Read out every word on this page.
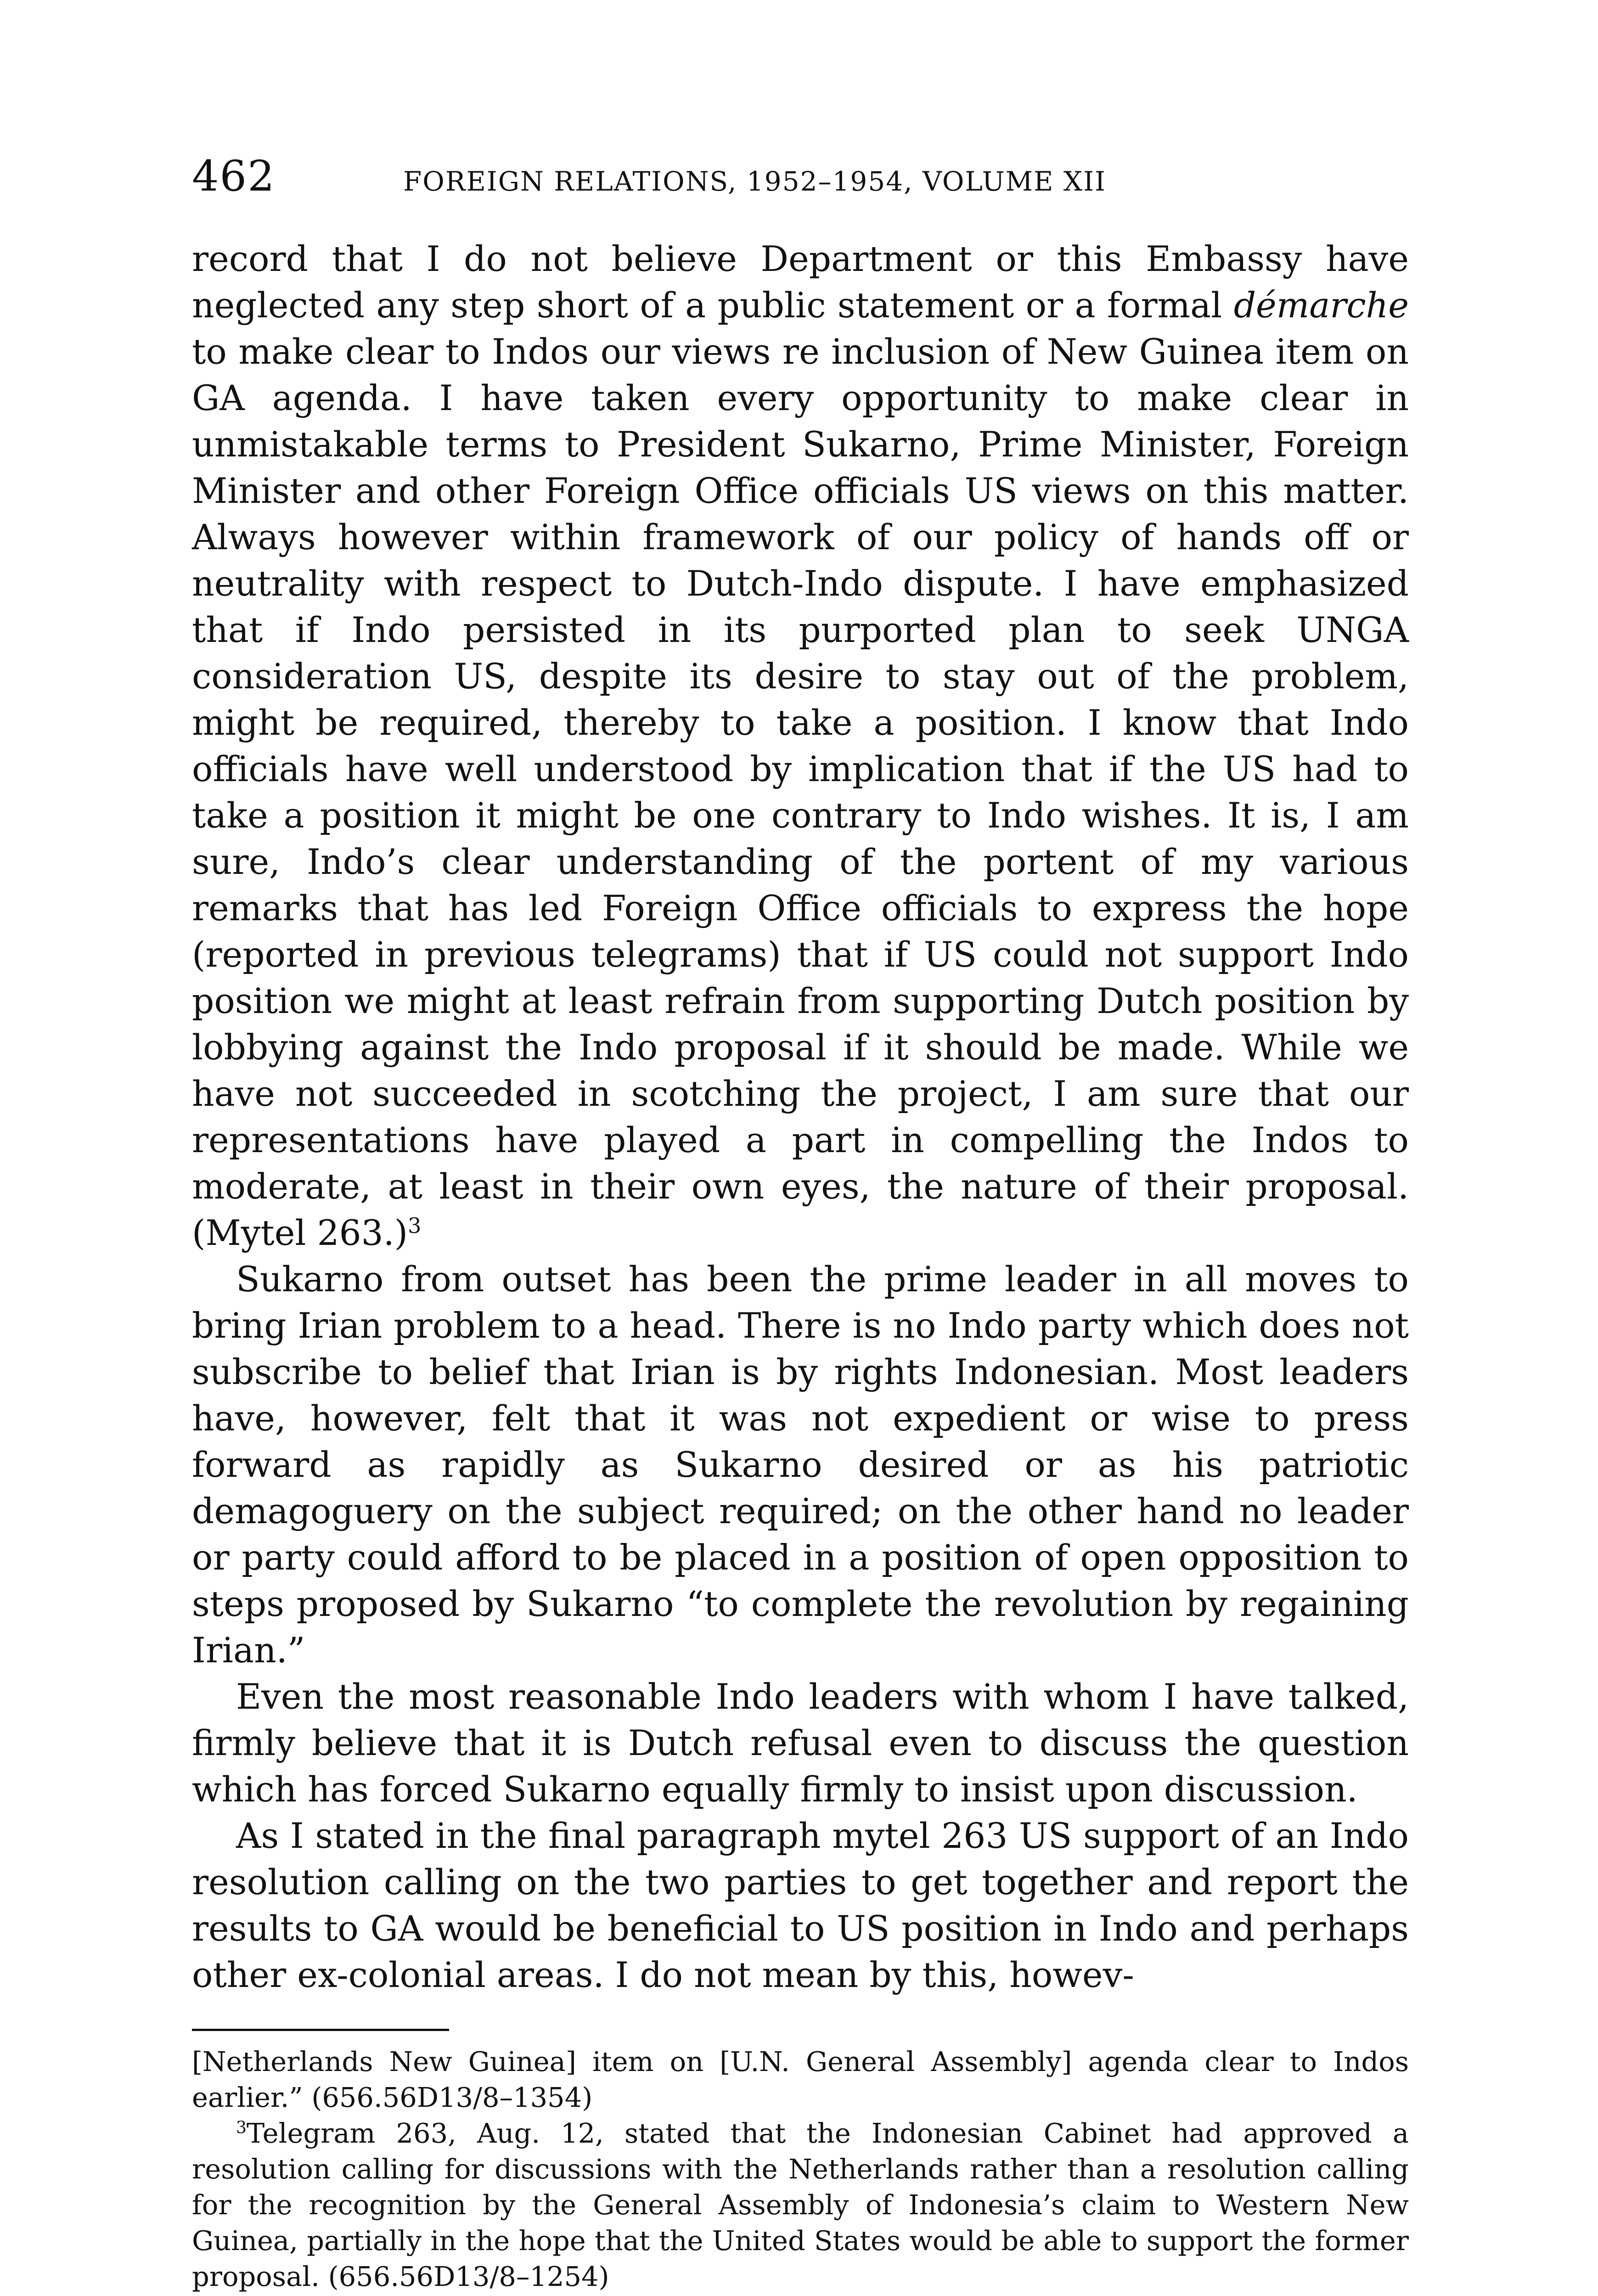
462	FOREIGN RELATIONS, 1952–1954, VOLUME XII

record that I do not believe Department or this Embassy have neglected any step short of a public statement or a formal démarche to make clear to Indos our views re inclusion of New Guinea item on GA agenda. I have taken every opportunity to make clear in unmistakable terms to President Sukarno, Prime Minister, Foreign Minister and other Foreign Office officials US views on this matter. Always however within framework of our policy of hands off or neutrality with respect to Dutch-Indo dispute. I have emphasized that if Indo persisted in its purported plan to seek UNGA consideration US, despite its desire to stay out of the problem, might be required, thereby to take a position. I know that Indo officials have well understood by implication that if the US had to take a position it might be one contrary to Indo wishes. It is, I am sure, Indo’s clear understanding of the portent of my various remarks that has led Foreign Office officials to express the hope (reported in previous telegrams) that if US could not support Indo position we might at least refrain from supporting Dutch position by lobbying against the Indo proposal if it should be made. While we have not succeeded in scotching the project, I am sure that our representations have played a part in compelling the Indos to moderate, at least in their own eyes, the nature of their proposal. (Mytel 263.)$^3$

Sukarno from outset has been the prime leader in all moves to bring Irian problem to a head. There is no Indo party which does not subscribe to belief that Irian is by rights Indonesian. Most leaders have, however, felt that it was not expedient or wise to press forward as rapidly as Sukarno desired or as his patriotic demagoguery on the subject required; on the other hand no leader or party could afford to be placed in a position of open opposition to steps proposed by Sukarno “to complete the revolution by regaining Irian.”

Even the most reasonable Indo leaders with whom I have talked, firmly believe that it is Dutch refusal even to discuss the question which has forced Sukarno equally firmly to insist upon discussion.

As I stated in the final paragraph mytel 263 US support of an Indo resolution calling on the two parties to get together and report the results to GA would be beneficial to US position in Indo and perhaps other ex-colonial areas. I do not mean by this, howev-

[Netherlands New Guinea] item on [U.N. General Assembly] agenda clear to Indos earlier.” (656.56D13/8–1354)

$^3$Telegram 263, Aug. 12, stated that the Indonesian Cabinet had approved a resolution calling for discussions with the Netherlands rather than a resolution calling for the recognition by the General Assembly of Indonesia’s claim to Western New Guinea, partially in the hope that the United States would be able to support the former proposal. (656.56D13/8–1254)
